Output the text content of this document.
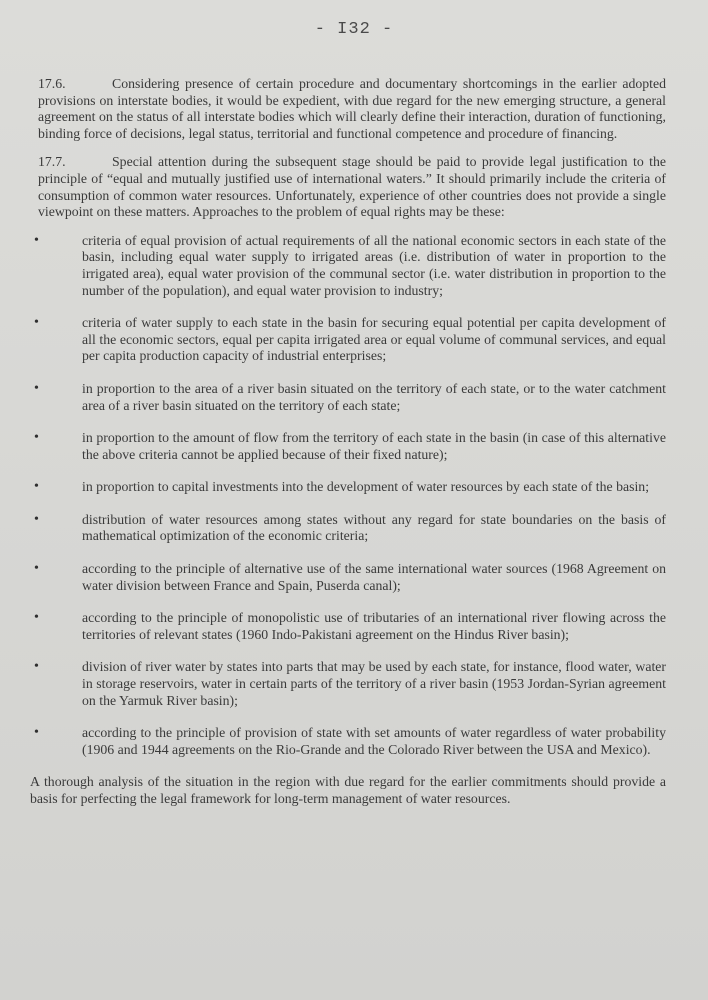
- I32 -

17.6.	Considering presence of certain procedure and documentary shortcomings in the earlier adopted provisions on interstate bodies, it would be expedient, with due regard for the new emerging structure, a general agreement on the status of all interstate bodies which will clearly define their interaction, duration of functioning, binding force of decisions, legal status, territorial and functional competence and procedure of financing.

17.7.	Special attention during the subsequent stage should be paid to provide legal justification to the principle of “equal and mutually justified use of international waters.” It should primarily include the criteria of consumption of common water resources. Unfortunately, experience of other countries does not provide a single viewpoint on these matters. Approaches to the problem of equal rights may be these:

•	criteria of equal provision of actual requirements of all the national economic sectors in each state of the basin, including equal water supply to irrigated areas (i.e. distribution of water in proportion to the irrigated area), equal water provision of the communal sector (i.e. water distribution in proportion to the number of the population), and equal water provision to industry;
•	criteria of water supply to each state in the basin for securing equal potential per capita development of all the economic sectors, equal per capita irrigated area or equal volume of communal services, and equal per capita production capacity of industrial enterprises;
•	in proportion to the area of a river basin situated on the territory of each state, or to the water catchment area of a river basin situated on the territory of each state;
•	in proportion to the amount of flow from the territory of each state in the basin (in case of this alternative the above criteria cannot be applied because of their fixed nature);
•	in proportion to capital investments into the development of water resources by each state of the basin;
•	distribution of water resources among states without any regard for state boundaries on the basis of mathematical optimization of the economic criteria;
•	according to the principle of alternative use of the same international water sources (1968 Agreement on water division between France and Spain, Puserda canal);
•	according to the principle of monopolistic use of tributaries of an international river flowing across the territories of relevant states (1960 Indo-Pakistani agreement on the Hindus River basin);
•	division of river water by states into parts that may be used by each state, for instance, flood water, water in storage reservoirs, water in certain parts of the territory of a river basin (1953 Jordan-Syrian agreement on the Yarmuk River basin);
•	according to the principle of provision of state with set amounts of water regardless of water probability (1906 and 1944 agreements on the Rio-Grande and the Colorado River between the USA and Mexico).

A thorough analysis of the situation in the region with due regard for the earlier commitments should provide a basis for perfecting the legal framework for long-term management of water resources.
